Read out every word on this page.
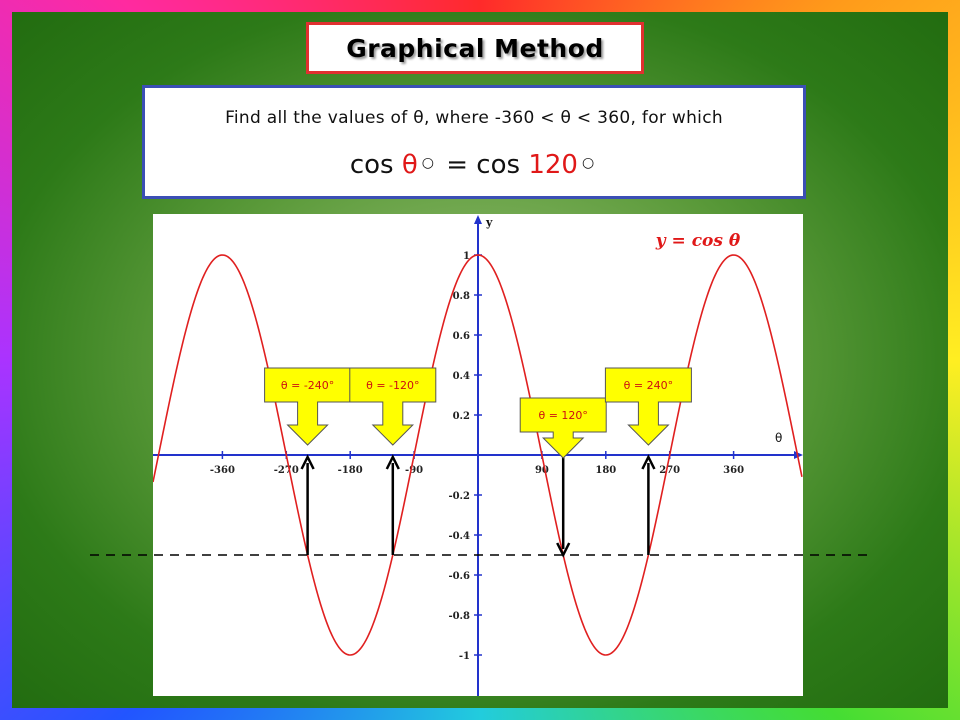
Graphical Method
Find all the values of θ, where -360 < θ < 360, for which
cos θ ○ = cos 120 ○
y
θ
-360	-270	-180	-90	90	180	270	360
1
0.8
0.6
0.4
0.2
-0.2
-0.4
-0.6
-0.8
-1
y = cos θ
θ = -240°	θ = -120°
θ = 120°
θ = 240°
